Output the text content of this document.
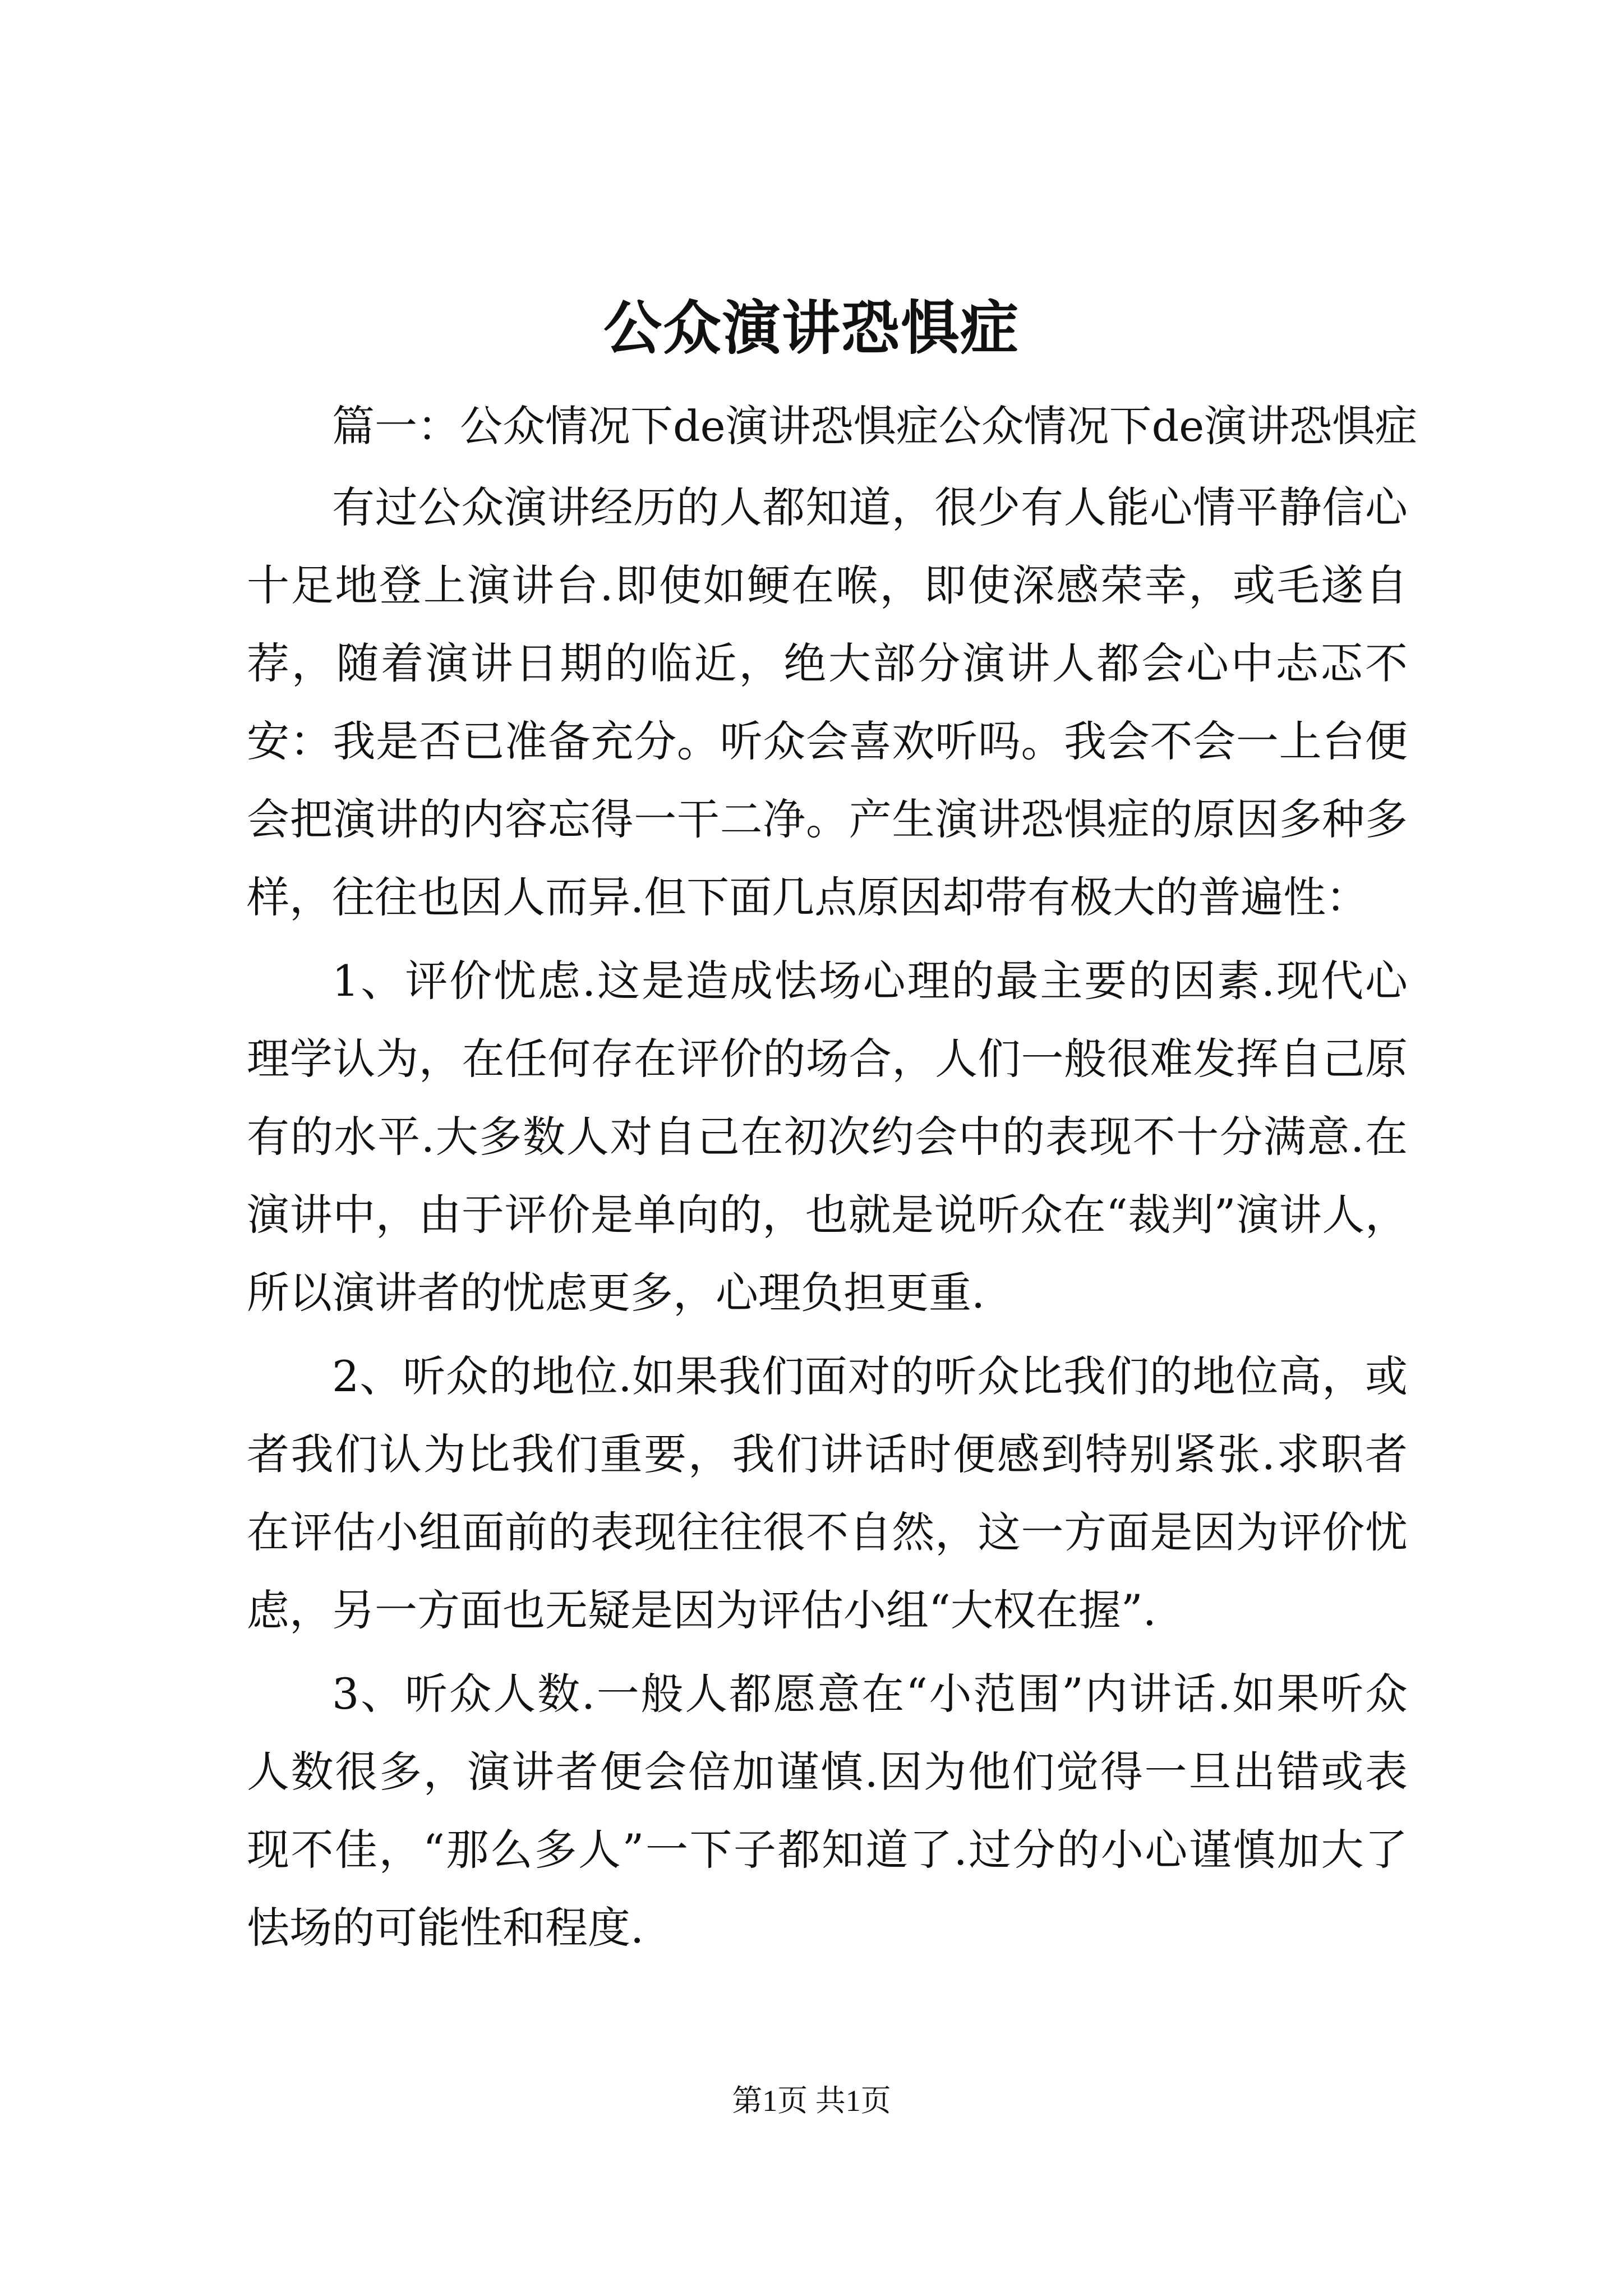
公众演讲恐惧症

篇一：公众情况下de演讲恐惧症公众情况下de演讲恐惧症

有过公众演讲经历的人都知道，很少有人能心情平静信心十足地登上演讲台.即使如鲠在喉，即使深感荣幸，或毛遂自荐，随着演讲日期的临近，绝大部分演讲人都会心中忐忑不安：我是否已准备充分。听众会喜欢听吗。我会不会一上台便会把演讲的内容忘得一干二净。产生演讲恐惧症的原因多种多样，往往也因人而异.但下面几点原因却带有极大的普遍性：

1、评价忧虑.这是造成怯场心理的最主要的因素.现代心理学认为，在任何存在评价的场合，人们一般很难发挥自己原有的水平.大多数人对自己在初次约会中的表现不十分满意.在演讲中，由于评价是单向的，也就是说听众在“裁判”演讲人，所以演讲者的忧虑更多，心理负担更重.

2、听众的地位.如果我们面对的听众比我们的地位高，或者我们认为比我们重要，我们讲话时便感到特别紧张.求职者在评估小组面前的表现往往很不自然，这一方面是因为评价忧虑，另一方面也无疑是因为评估小组“大权在握”.

3、听众人数.一般人都愿意在“小范围”内讲话.如果听众人数很多，演讲者便会倍加谨慎.因为他们觉得一旦出错或表现不佳，“那么多人”一下子都知道了.过分的小心谨慎加大了怯场的可能性和程度.

第1页 共1页
